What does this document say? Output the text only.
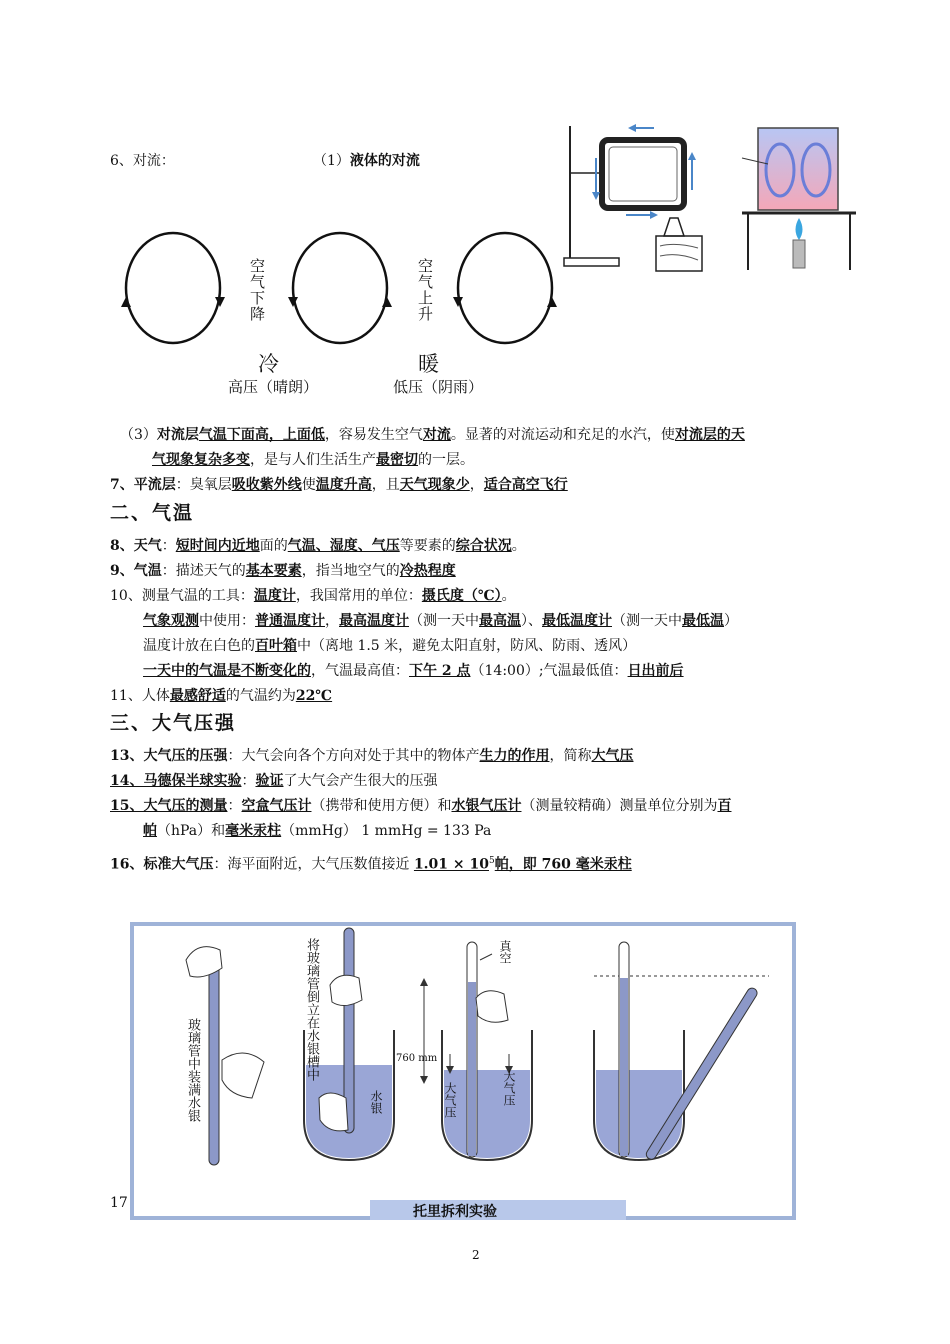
6、对流：	（1）液体的对流
空气下降	空气上升
冷	暖
高压（晴朗）	低压（阴雨）
（3）对流层气温下面高，上面低，容易发生空气对流。显著的对流运动和充足的水汽，使对流层的天
气现象复杂多变，是与人们生活生产最密切的一层。
7、平流层：臭氧层吸收紫外线使温度升高，且天气现象少，适合高空飞行
二、气温
8、天气：短时间内近地面的气温、湿度、气压等要素的综合状况。
9、气温：描述天气的基本要素，指当地空气的冷热程度
10、测量气温的工具：温度计，我国常用的单位：摄氏度（℃）。
气象观测中使用：普通温度计，最高温度计（测一天中最高温）、最低温度计（测一天中最低温）
温度计放在白色的百叶箱中（离地 1.5 米，避免太阳直射，防风、防雨、透风）
一天中的气温是不断变化的，气温最高值：下午 2 点（14:00）;气温最低值：日出前后
11、人体最感舒适的气温约为22℃
三、大气压强
13、大气压的压强：大气会向各个方向对处于其中的物体产生力的作用，简称大气压
14、马德保半球实验：验证了大气会产生很大的压强
15、大气压的测量：空盒气压计（携带和使用方便）和水银气压计（测量较精确）测量单位分别为百
帕（hPa）和毫米汞柱（mmHg） 1 mmHg = 133 Pa
16、标准大气压：海平面附近，大气压数值接近 $1.01 \times 10^5$帕，即 760 毫米汞柱
17
玻璃管中装满水银	将玻璃管倒立在水银槽中
水银
真空
760 mm
大气压	大气压
托里拆利实验
2
